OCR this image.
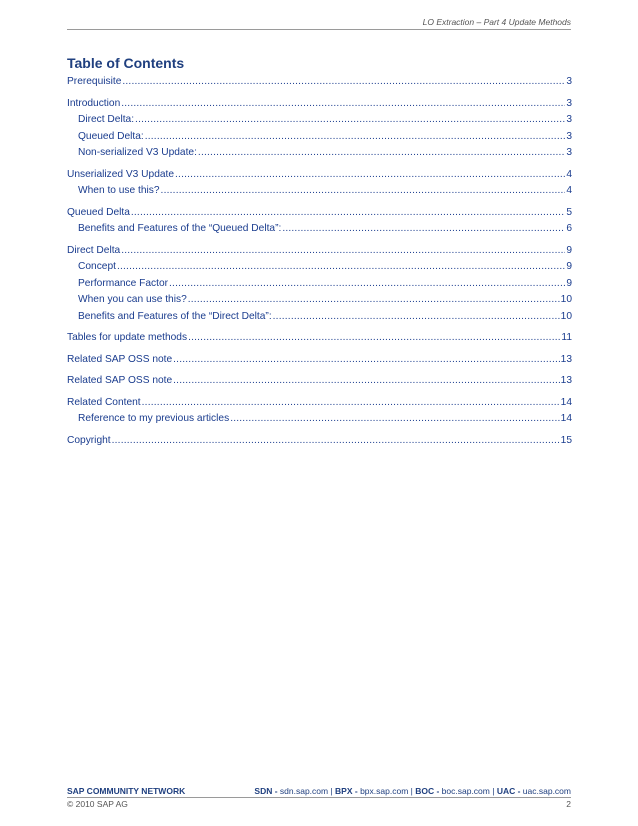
LO Extraction – Part 4 Update Methods
Table of Contents
Prerequisite .....	3
Introduction .....	3
Direct Delta: .....	3
Queued Delta: .....	3
Non-serialized V3 Update: .....	3
Unserialized V3 Update .....	4
When to use this? .....	4
Queued Delta .....	5
Benefits and Features of the “Queued Delta”: .....	6
Direct Delta .....	9
Concept .....	9
Performance Factor .....	9
When you can use this? .....	10
Benefits and Features of the “Direct Delta”: .....	10
Tables for update methods .....	11
Related SAP OSS note .....	13
Related SAP OSS note .....	13
Related Content .....	14
Reference to my previous articles .....	14
Copyright .....	15
SAP COMMUNITY NETWORK	SDN - sdn.sap.com | BPX - bpx.sap.com | BOC - boc.sap.com | UAC - uac.sap.com
© 2010 SAP AG	2
